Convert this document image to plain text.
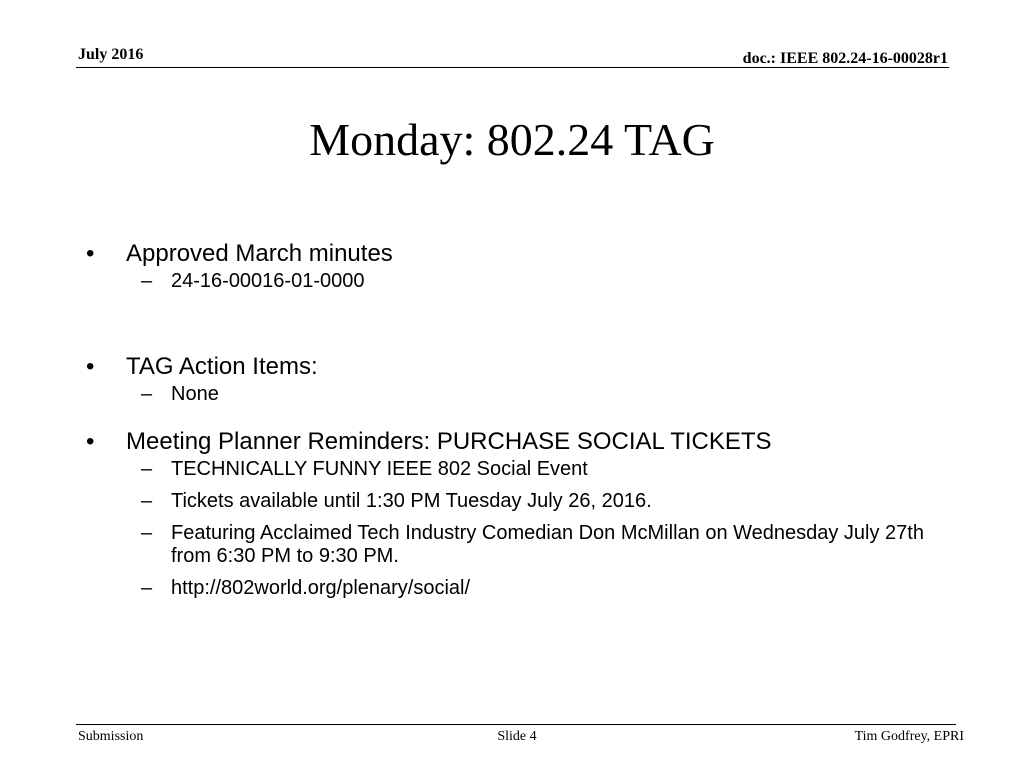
July 2016	doc.: IEEE 802.24-16-00028r1
Monday: 802.24 TAG
• Approved March minutes
– 24-16-00016-01-0000
• TAG Action Items:
– None
• Meeting Planner Reminders: PURCHASE SOCIAL TICKETS
– TECHNICALLY FUNNY IEEE 802 Social Event
– Tickets available until 1:30 PM Tuesday July 26, 2016.
– Featuring Acclaimed Tech Industry Comedian Don McMillan on Wednesday July 27th from 6:30 PM to 9:30 PM.
– http://802world.org/plenary/social/
Submission	Slide 4	Tim Godfrey, EPRI
